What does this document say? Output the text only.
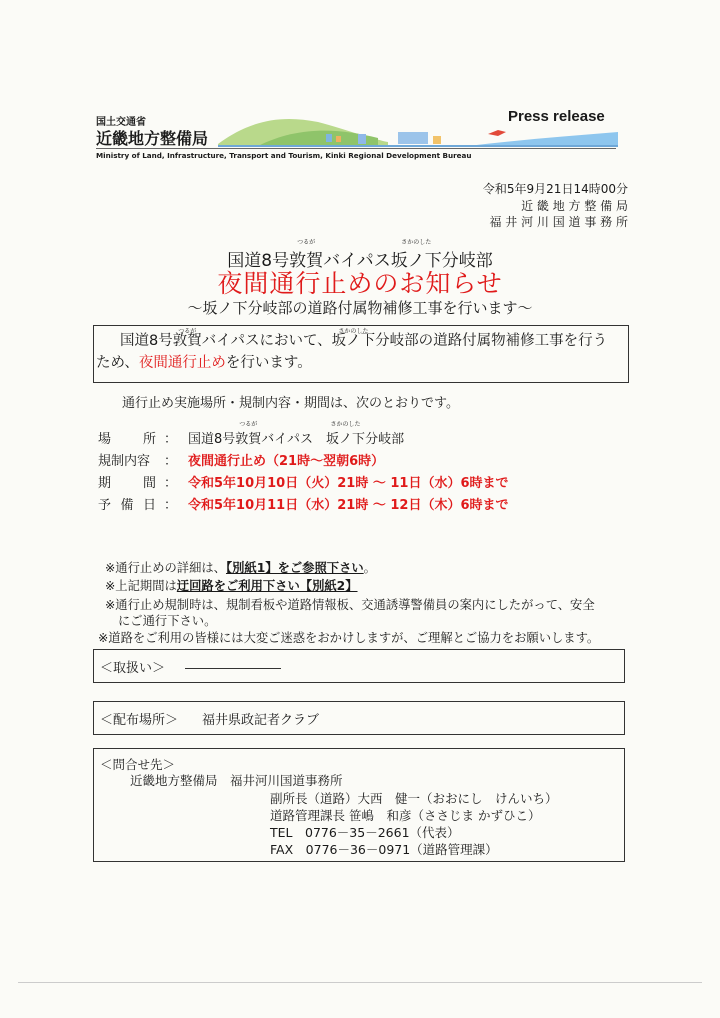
国土交通省
近畿地方整備局
Press release
Ministry of Land, Infrastructure, Transport and Tourism, Kinki Regional Development Bureau
令和5年9月21日14時00分
近 畿 地 方 整 備 局
福 井 河 川 国 道 事 務 所
国道8号
つるが
敦賀バイパス
さかのした
坂ノ下分岐部
夜間通行止めのお知らせ
～坂ノ下分岐部の道路付属物補修工事を行います～
国道8号
つるが
敦賀バイパスにおいて、
さかのした
坂ノ下分岐部の道路付属物補修工事を行う
ため、夜間通行止めを行います。
通行止め実施場所・規制内容・期間は、次のとおりです。
場 所 ： 国道8号
つるが
敦賀バイパス　
さかのした
坂ノ下分岐部
規制内容	： 夜間通行止め（21時～翌朝6時）
期 間 ： 令和5年10月10日（火）21時 ～ 11日（水）6時まで
予 備 日 ： 令和5年10月11日（水）21時 ～ 12日（木）6時まで
※通行止めの詳細は、【別紙1】をご参照下さい。
※上記期間は迂回路をご利用下さい【別紙2】
※通行止め規制時は、規制看板や道路情報板、交通誘導警備員の案内にしたがって、安全
にご通行下さい。
※道路をご利用の皆様には大変ご迷惑をおかけしますが、ご理解とご協力をお願いします。
＜取扱い＞
＜配布場所＞ 福井県政記者クラブ
＜問合せ先＞
近畿地方整備局　福井河川国道事務所
副所長（道路）大西　健一（おおにし　けんいち）
道路管理課長 笹嶋　和彦（ささじま かずひこ）
TEL　0776－35－2661（代表）
FAX　0776－36－0971（道路管理課）
